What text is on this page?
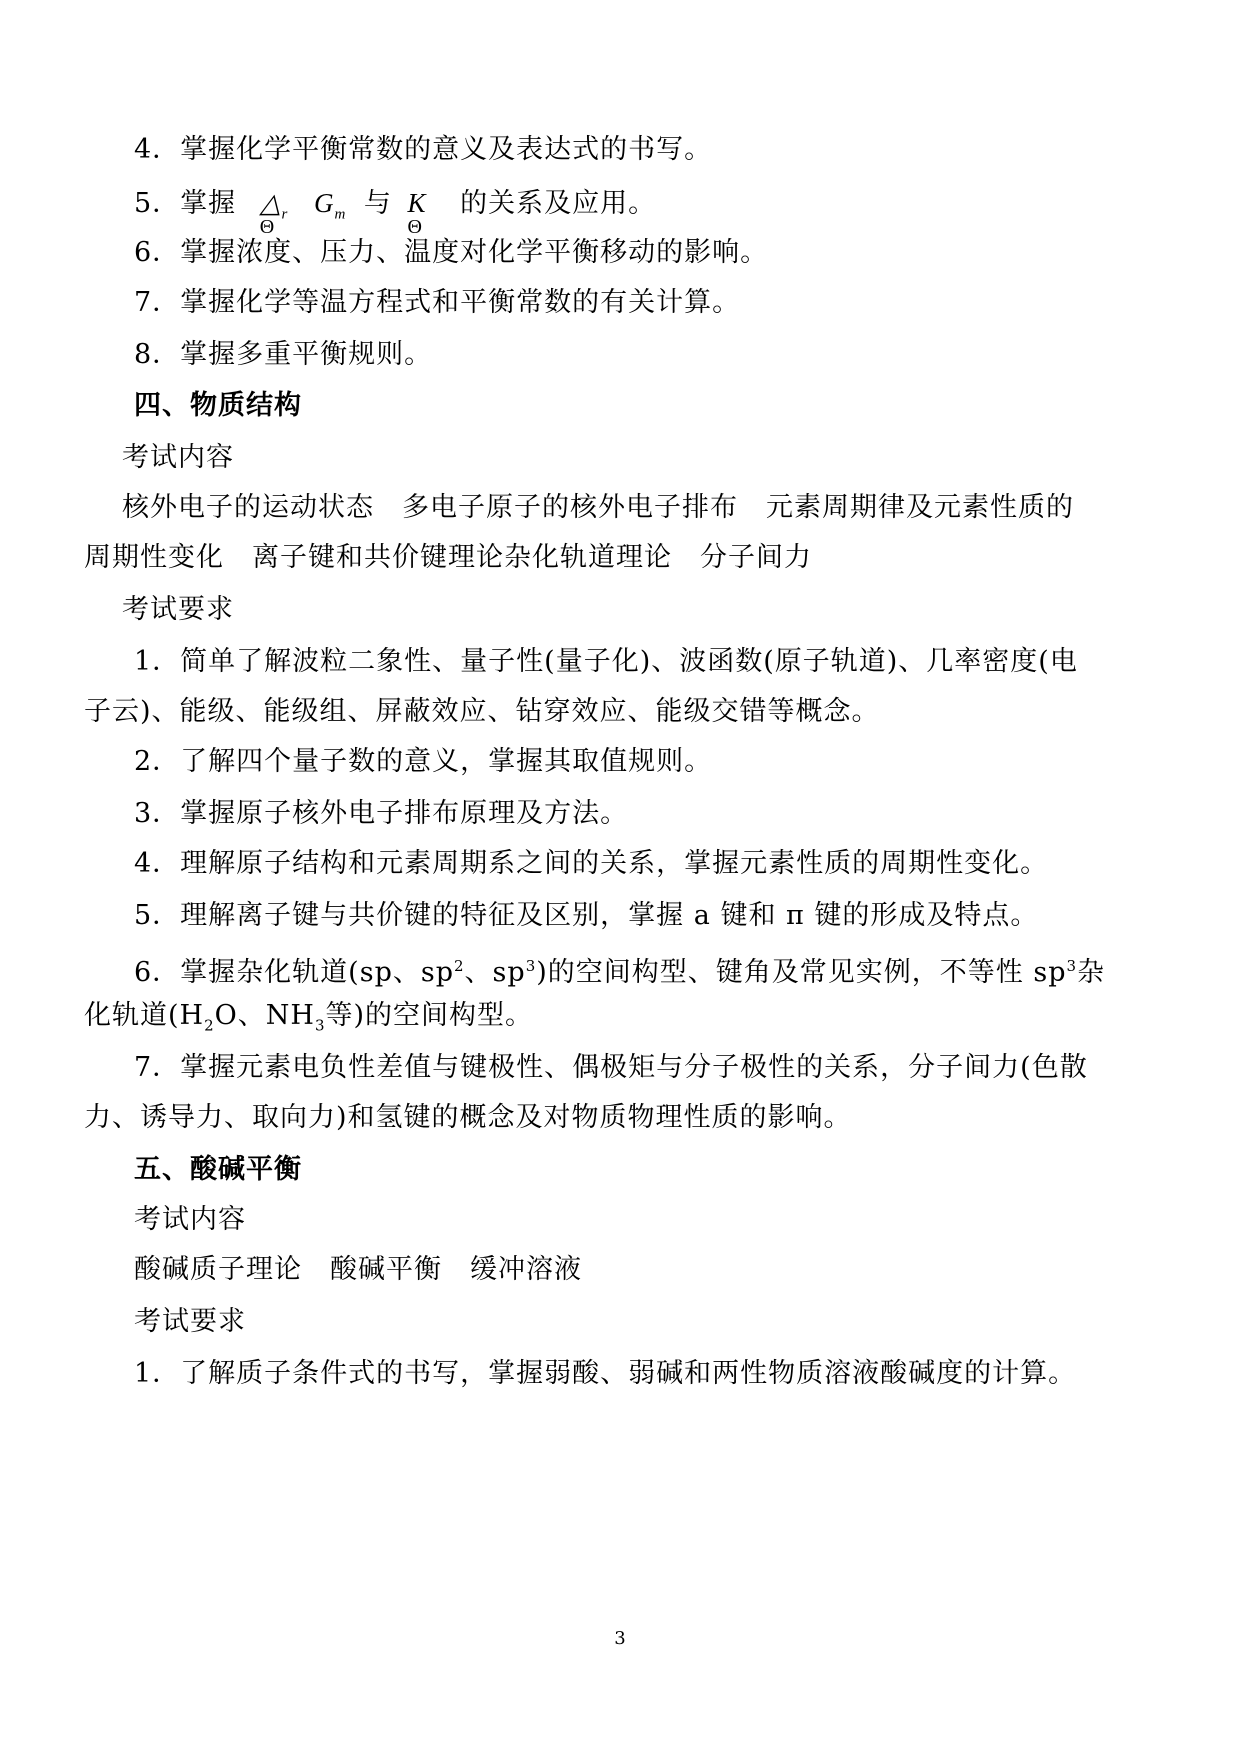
4．掌握化学平衡常数的意义及表达式的书写。
5．掌握 $\triangle_r$
Θ
$G_m$ 与 K
Θ
的关系及应用。
6．掌握浓度、压力、温度对化学平衡移动的影响。
7．掌握化学等温方程式和平衡常数的有关计算。
8．掌握多重平衡规则。
四、物质结构
考试内容
核外电子的运动状态　多电子原子的核外电子排布　元素周期律及元素性质的
周期性变化　离子键和共价键理论杂化轨道理论　分子间力
考试要求
1．简单了解波粒二象性、量子性(量子化)、波函数(原子轨道)、几率密度(电
子云)、能级、能级组、屏蔽效应、钻穿效应、能级交错等概念。
2．了解四个量子数的意义，掌握其取值规则。
3．掌握原子核外电子排布原理及方法。
4．理解原子结构和元素周期系之间的关系，掌握元素性质的周期性变化。
5．理解离子键与共价键的特征及区别，掌握 a 键和 π 键的形成及特点。
6．掌握杂化轨道(sp、$sp^2$、$sp^3$)的空间构型、键角及常见实例，不等性 $sp^3$杂
化轨道($H_2O$、$NH_3$等)的空间构型。
7．掌握元素电负性差值与键极性、偶极矩与分子极性的关系，分子间力(色散
力、诱导力、取向力)和氢键的概念及对物质物理性质的影响。
五、酸碱平衡
考试内容
酸碱质子理论　酸碱平衡　缓冲溶液
考试要求
1．了解质子条件式的书写，掌握弱酸、弱碱和两性物质溶液酸碱度的计算。
3
